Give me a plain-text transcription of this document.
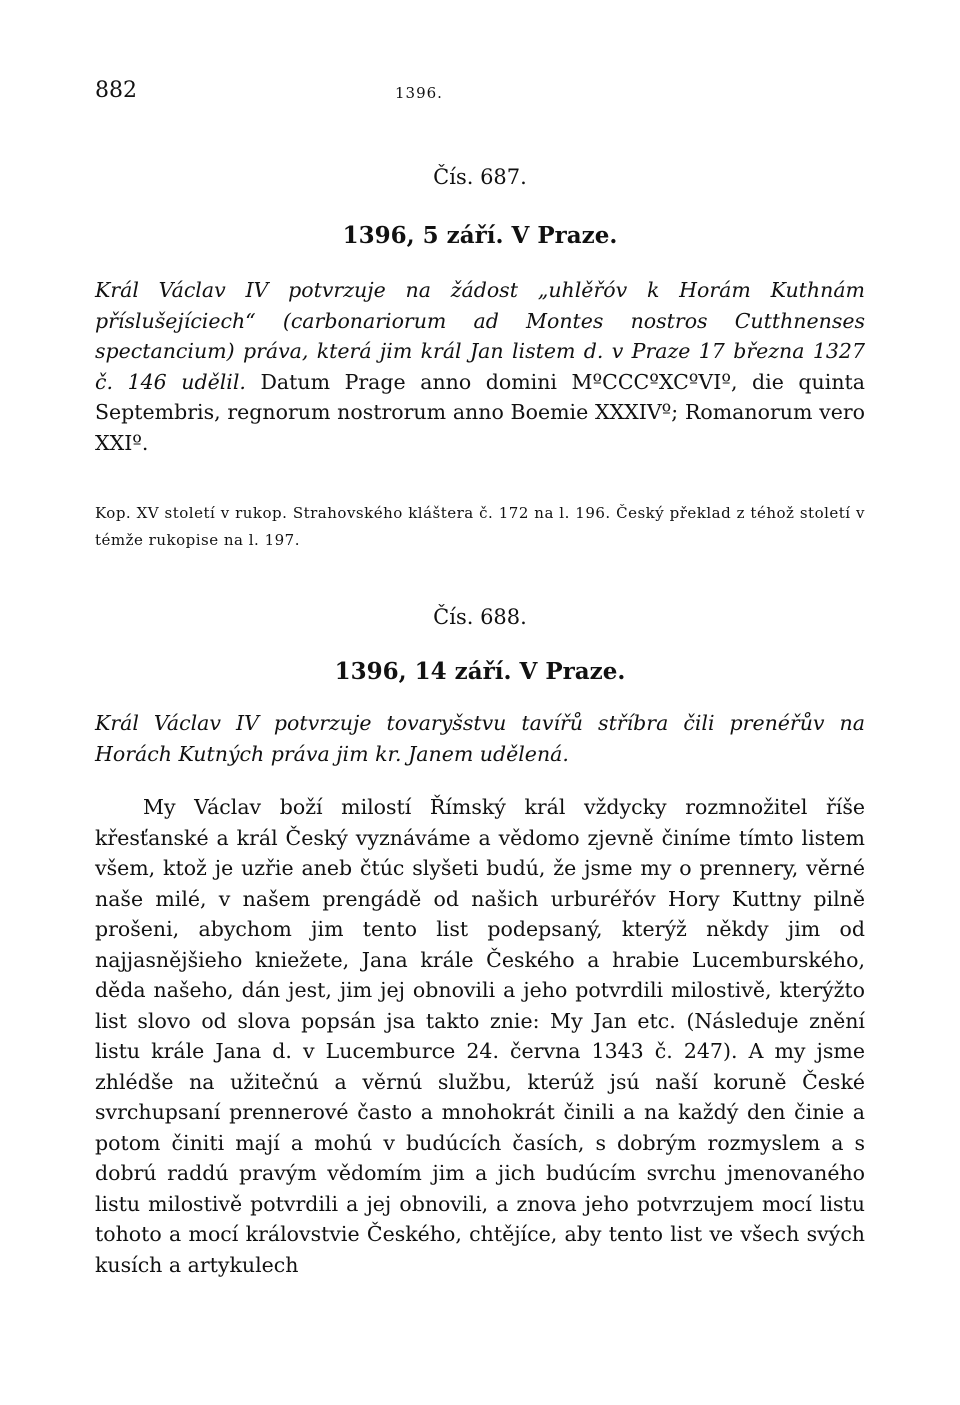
882	1396.
Čís. 687.
1396, 5 září. V Praze.
Král Václav IV potvrzuje na žádost „uhlěřóv k Horám Kuthnám příslušejíciech“ (carbonariorum ad Montes nostros Cutthnenses spectancium) práva, která jim král Jan listem d. v Praze 17 března 1327 č. 146 udělil. Datum Prage anno domini MºCCCºXCºVIº, die quinta Septembris, regnorum nostrorum anno Boemie XXXIVº; Romanorum vero XXIº.
Kop. XV století v rukop. Strahovského kláštera č. 172 na l. 196. Český překlad z téhož století v témže rukopise na l. 197.
Čís. 688.
1396, 14 září. V Praze.
Král Václav IV potvrzuje tovaryšstvu tavířů stříbra čili prenéřův na Horách Kutných práva jim kr. Janem udělená.

My Václav boží milostí Římský král vždycky rozmnožitel říše křesťanské a král Český vyznáváme a vědomo zjevně činíme tímto listem všem, ktož je uzřie aneb čtúc slyšeti budú, že jsme my o prennery, věrné naše milé, v našem prengádě od našich urburéřóv Hory Kuttny pilně prošeni, abychom jim tento list podepsaný, kterýž někdy jim od najjasnějšieho kniežete, Jana krále Českého a hrabie Lucemburského, děda našeho, dán jest, jim jej obnovili a jeho potvrdili milostivě, kterýžto list slovo od slova popsán jsa takto znie: My Jan etc. (Následuje znění listu krále Jana d. v Lucemburce 24. června 1343 č. 247). A my jsme zhlédše na užitečnú a věrnú službu, kterúž jsú naší koruně České svrchupsaní prennerové často a mnohokrát činili a na každý den činie a potom činiti mají a mohú v budúcích časích, s dobrým rozmyslem a s dobrú raddú pravým vědomím jim a jich budúcím svrchu jmenovaného listu milostivě potvrdili a jej obnovili, a znova jeho potvrzujem mocí listu tohoto a mocí královstvie Českého, chtějíce, aby tento list ve všech svých kusích a artykulech
